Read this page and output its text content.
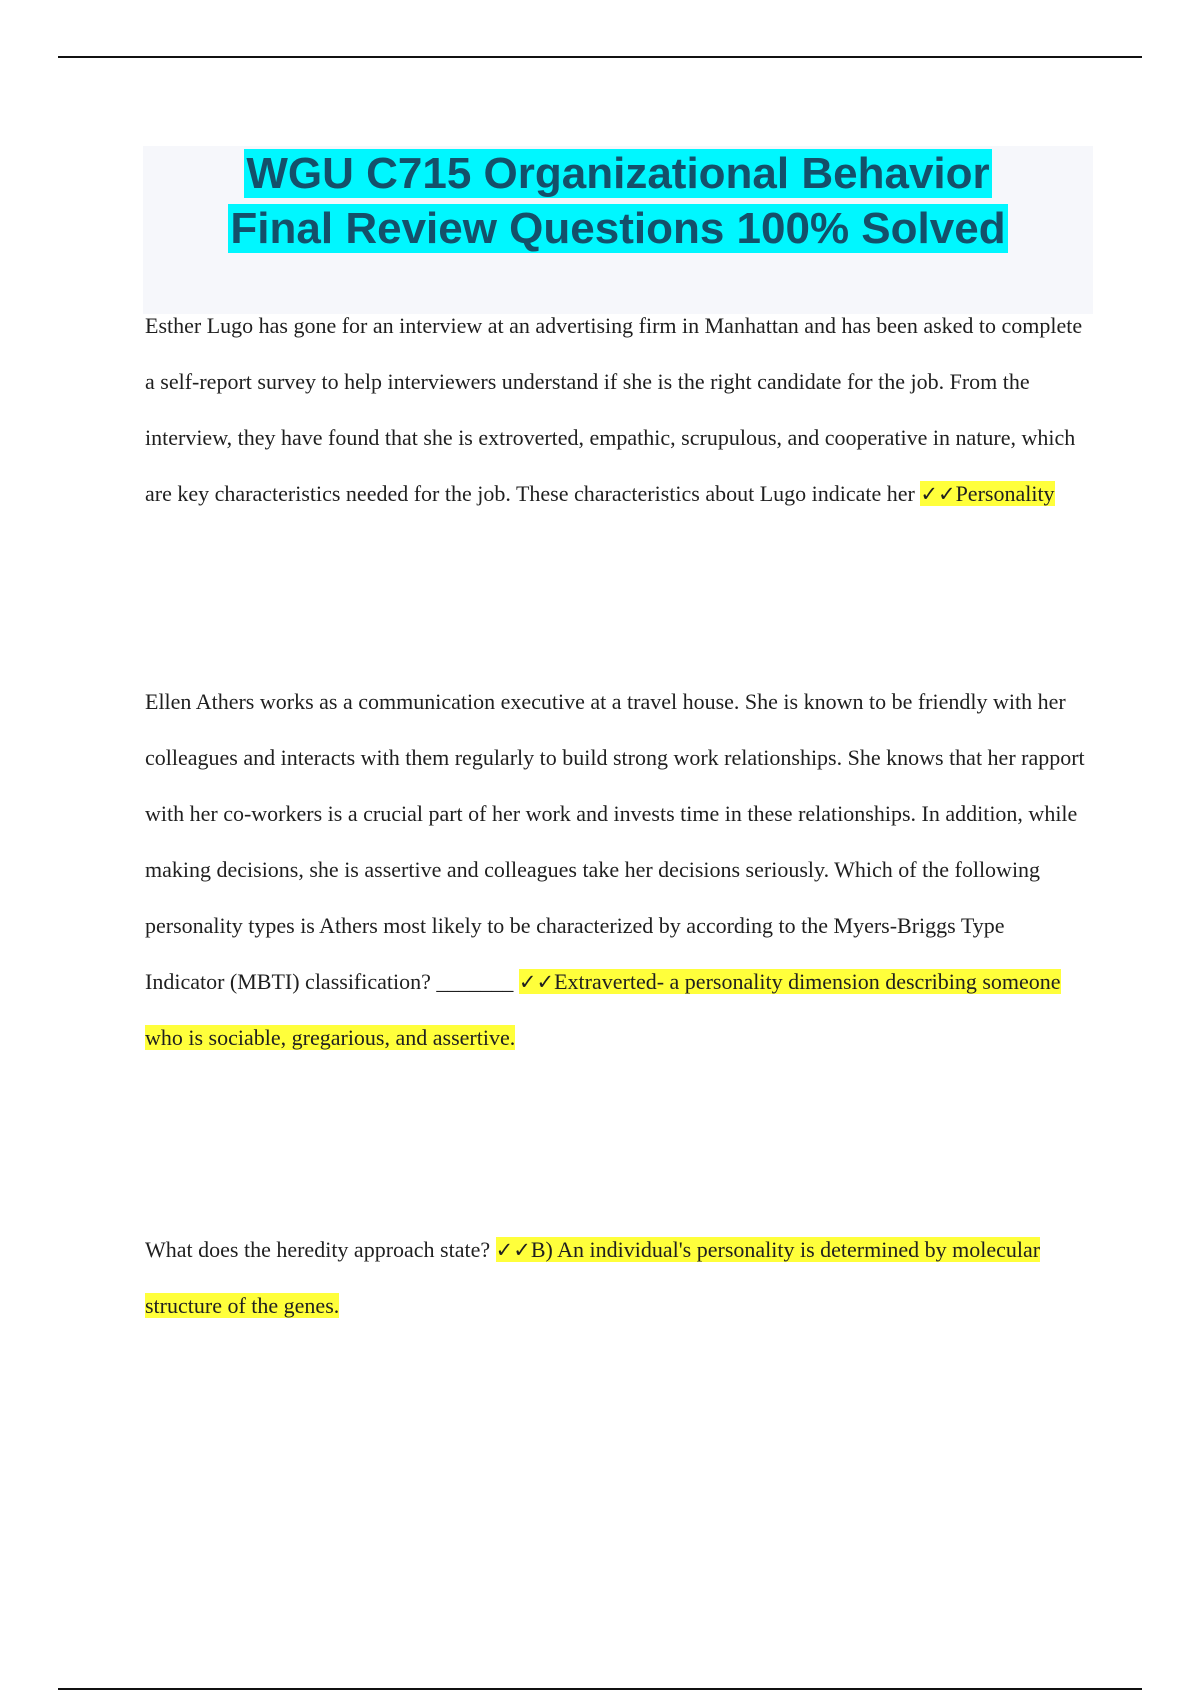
WGU C715 Organizational Behavior
Final Review Questions 100% Solved

Esther Lugo has gone for an interview at an advertising firm in Manhattan and has been asked to complete a self-report survey to help interviewers understand if she is the right candidate for the job. From the interview, they have found that she is extroverted, empathic, scrupulous, and cooperative in nature, which are key characteristics needed for the job. These characteristics about Lugo indicate her ✓✓Personality

Ellen Athers works as a communication executive at a travel house. She is known to be friendly with her colleagues and interacts with them regularly to build strong work relationships. She knows that her rapport with her co-workers is a crucial part of her work and invests time in these relationships. In addition, while making decisions, she is assertive and colleagues take her decisions seriously. Which of the following personality types is Athers most likely to be characterized by according to the Myers-Briggs Type Indicator (MBTI) classification? _______ ✓✓Extraverted- a personality dimension describing someone who is sociable, gregarious, and assertive.

What does the heredity approach state? ✓✓B) An individual's personality is determined by molecular structure of the genes.
